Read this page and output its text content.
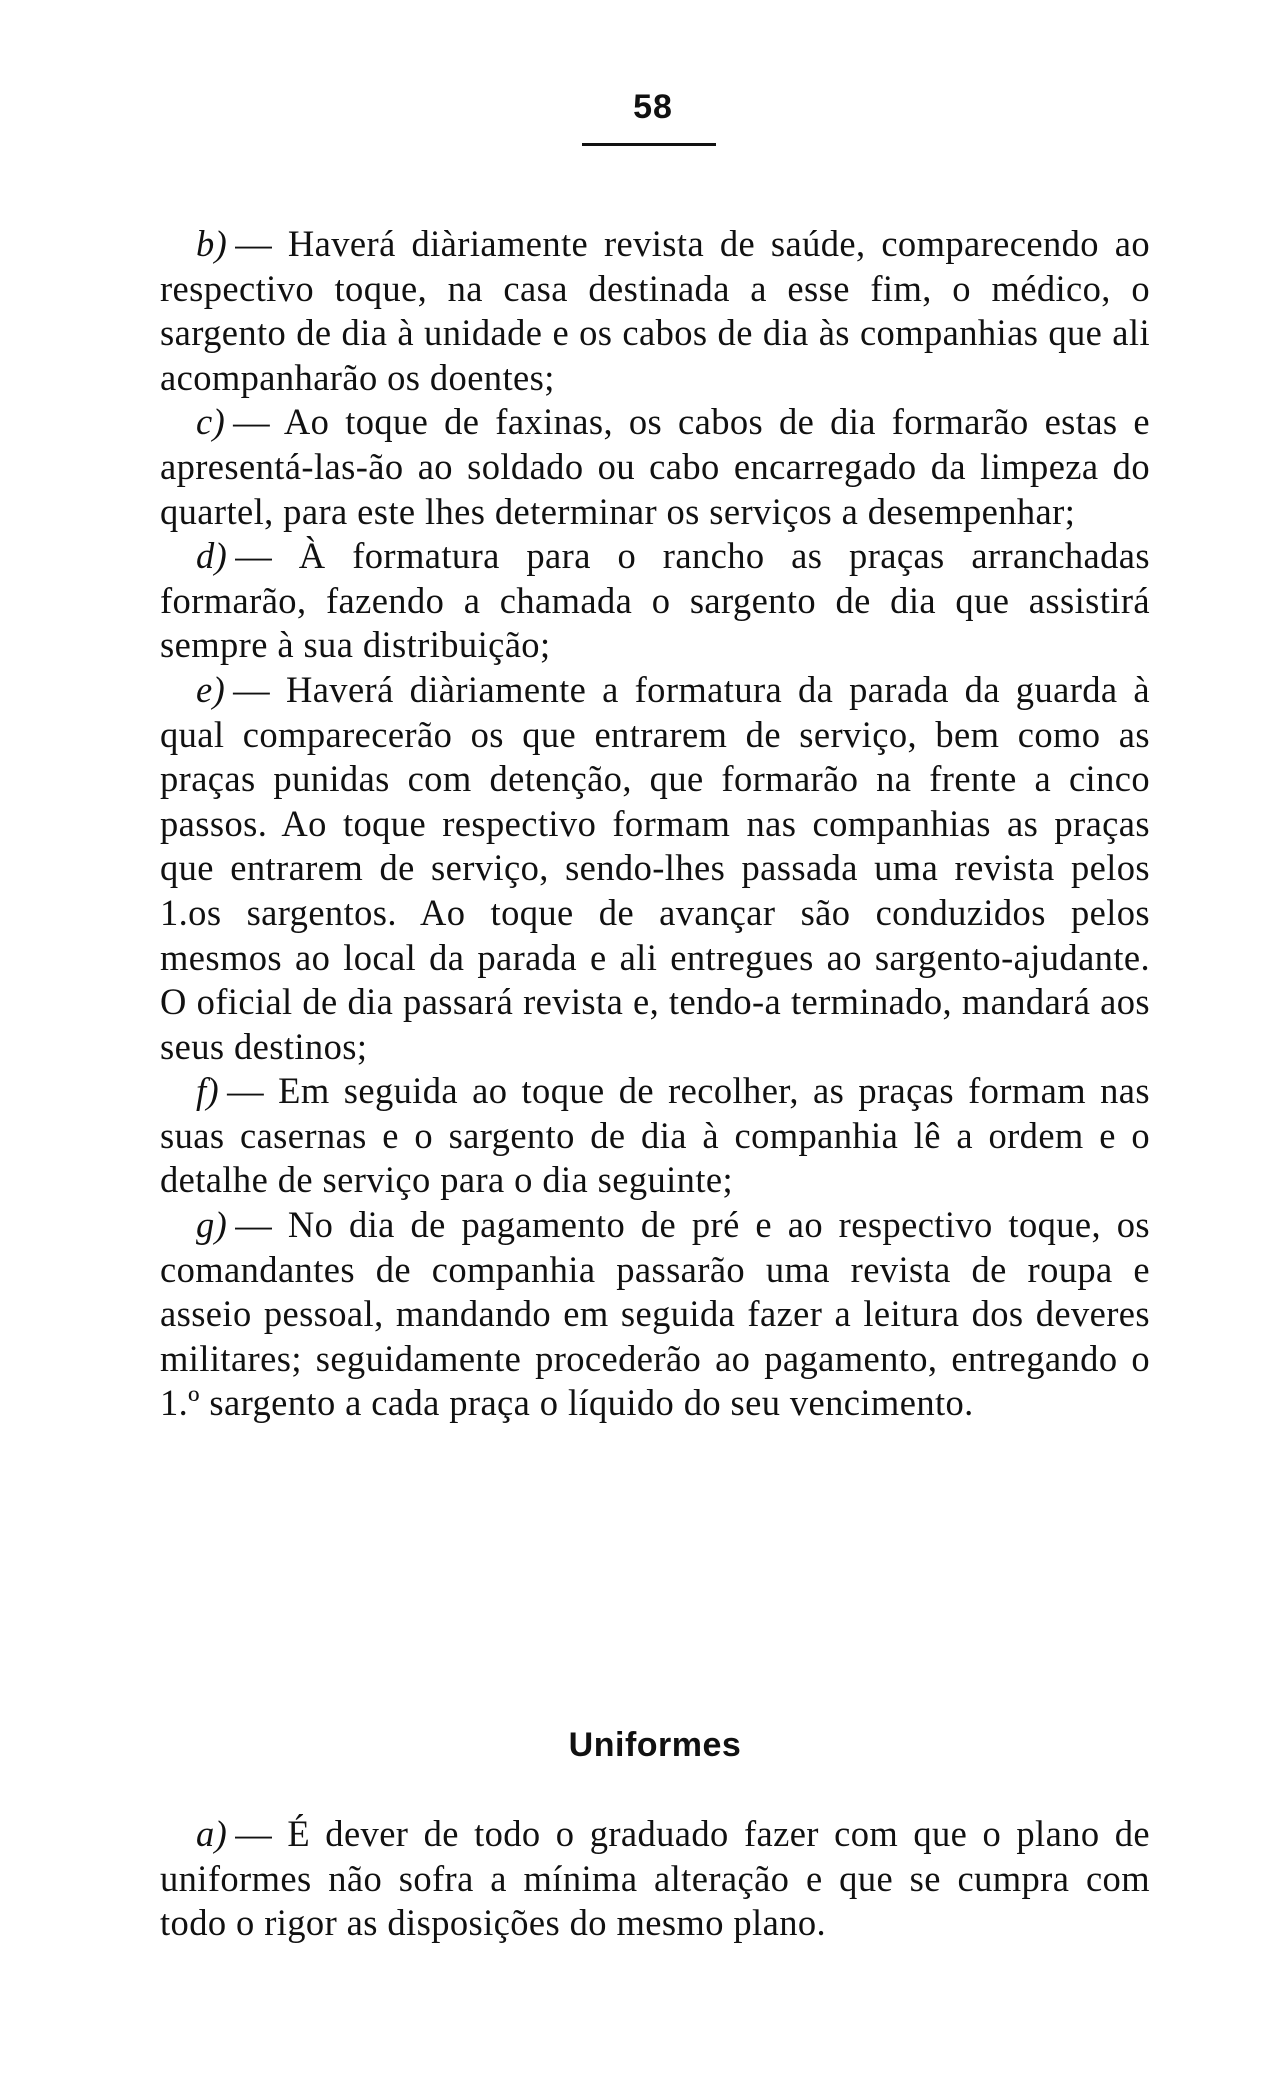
58

b) — Haverá diàriamente revista de saúde, comparecendo ao respectivo toque, na casa destinada a esse fim, o médico, o sargento de dia à unidade e os cabos de dia às companhias que ali acompanharão os doentes;

c) — Ao toque de faxinas, os cabos de dia formarão estas e apresentá-las-ão ao soldado ou cabo encarregado da limpeza do quartel, para este lhes determinar os serviços a desempenhar;

d) — À formatura para o rancho as praças arranchadas formarão, fazendo a chamada o sargento de dia que assistirá sempre à sua distribuição;

e) — Haverá diàriamente a formatura da parada da guarda à qual comparecerão os que entrarem de serviço, bem como as praças punidas com detenção, que formarão na frente a cinco passos. Ao toque respectivo formam nas companhias as praças que entrarem de serviço, sendo-lhes passada uma revista pelos 1.os sargentos. Ao toque de avançar são conduzidos pelos mesmos ao local da parada e ali entregues ao sargento-ajudante. O oficial de dia passará revista e, tendo-a terminado, mandará aos seus destinos;

f) — Em seguida ao toque de recolher, as praças formam nas suas casernas e o sargento de dia à companhia lê a ordem e o detalhe de serviço para o dia seguinte;

g) — No dia de pagamento de pré e ao respectivo toque, os comandantes de companhia passarão uma revista de roupa e asseio pessoal, mandando em seguida fazer a leitura dos deveres militares; seguidamente procederão ao pagamento, entregando o 1.º sargento a cada praça o líquido do seu vencimento.

Uniformes

a) — É dever de todo o graduado fazer com que o plano de uniformes não sofra a mínima alteração e que se cumpra com todo o rigor as disposições do mesmo plano.
